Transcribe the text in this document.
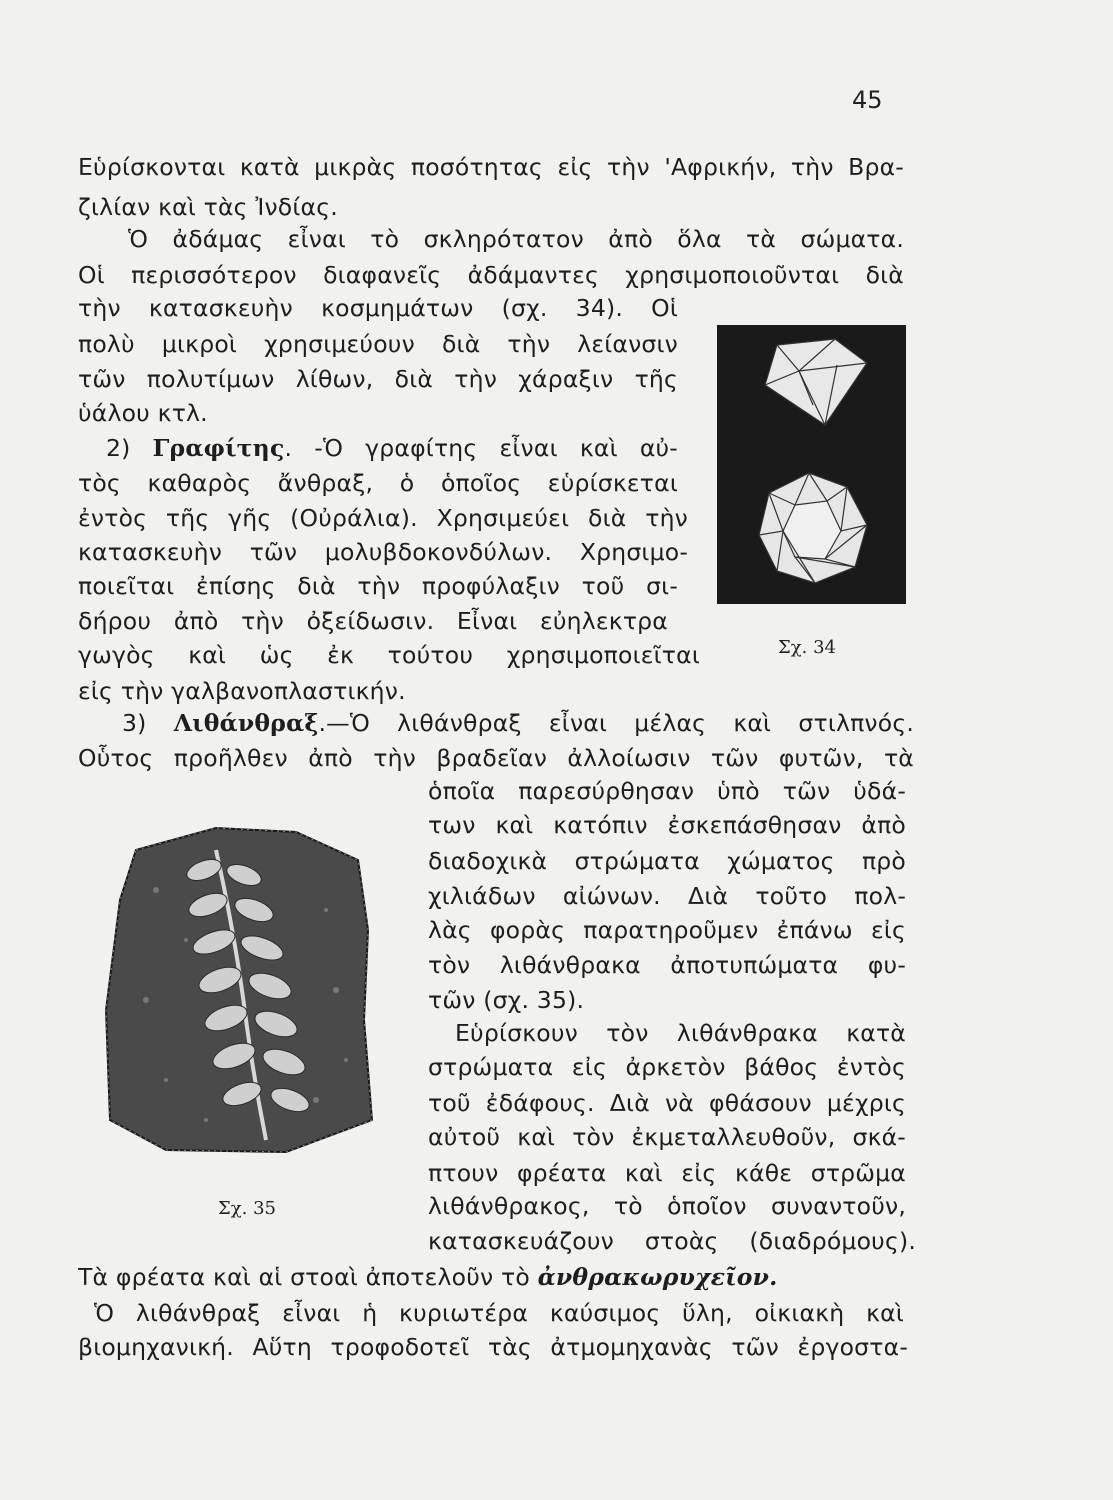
45
Εὑρίσκονται κατὰ μικρὰς ποσότητας εἰς τὴν 'Αφρικήν, τὴν Βρα-
ζιλίαν καὶ τὰς Ἰνδίας.
Ὁ ἀδάμας εἶναι τὸ σκληρότατον ἀπὸ ὅλα τὰ σώματα.
Οἱ περισσότερον διαφανεῖς ἀδάμαντες χρησιμοποιοῦνται διὰ
τὴν κατασκευὴν κοσμημάτων (σχ. 34). Οἱ
πολὺ μικροὶ χρησιμεύουν διὰ τὴν λείανσιν
τῶν πολυτίμων λίθων, διὰ τὴν χάραξιν τῆς
ὑάλου κτλ.
2) Γραφίτης. -Ὁ γραφίτης εἶναι καὶ αὐ-
τὸς καθαρὸς ἄνθραξ, ὁ ὁποῖος εὑρίσκεται
ἐντὸς τῆς γῆς (Οὐράλια). Χρησιμεύει διὰ τὴν
κατασκευὴν τῶν μολυβδοκονδύλων. Χρησιμο-
ποιεῖται ἐπίσης διὰ τὴν προφύλαξιν τοῦ σι-
δήρου ἀπὸ τὴν ὀξείδωσιν. Εἶναι εὐηλεκτρα
γωγὸς καὶ ὡς ἐκ τούτου χρησιμοποιεῖται
εἰς τὴν γαλβανοπλαστικήν.
Σχ. 34
3) Λιθάνθραξ.—Ὁ λιθάνθραξ εἶναι μέλας καὶ στιλπνός.
Οὗτος προῆλθεν ἀπὸ τὴν βραδεῖαν ἀλλοίωσιν τῶν φυτῶν, τὰ
ὁποῖα παρεσύρθησαν ὑπὸ τῶν ὑδά-
των καὶ κατόπιν ἐσκεπάσθησαν ἀπὸ
διαδοχικὰ στρώματα χώματος πρὸ
χιλιάδων αἰώνων. Διὰ τοῦτο πολ-
λὰς φορὰς παρατηροῦμεν ἐπάνω εἰς
τὸν λιθάνθρακα ἀποτυπώματα φυ-
τῶν (σχ. 35).
Εὑρίσκουν τὸν λιθάνθρακα κατὰ
στρώματα εἰς ἀρκετὸν βάθος ἐντὸς
τοῦ ἐδάφους. Διὰ νὰ φθάσουν μέχρις
αὐτοῦ καὶ τὸν ἐκμεταλλευθοῦν, σκά-
πτουν φρέατα καὶ εἰς κάθε στρῶμα
λιθάνθρακος, τὸ ὁποῖον συναντοῦν,
κατασκευάζουν στοὰς (διαδρόμους).
Σχ. 35
Τὰ φρέατα καὶ αἱ στοαὶ ἀποτελοῦν τὸ ἀνθρακωρυχεῖον.
Ὁ λιθάνθραξ εἶναι ἡ κυριωτέρα καύσιμος ὕλη, οἰκιακὴ καὶ
βιομηχανική. Αὕτη τροφοδοτεῖ τὰς ἀτμομηχανὰς τῶν ἐργοστα-
